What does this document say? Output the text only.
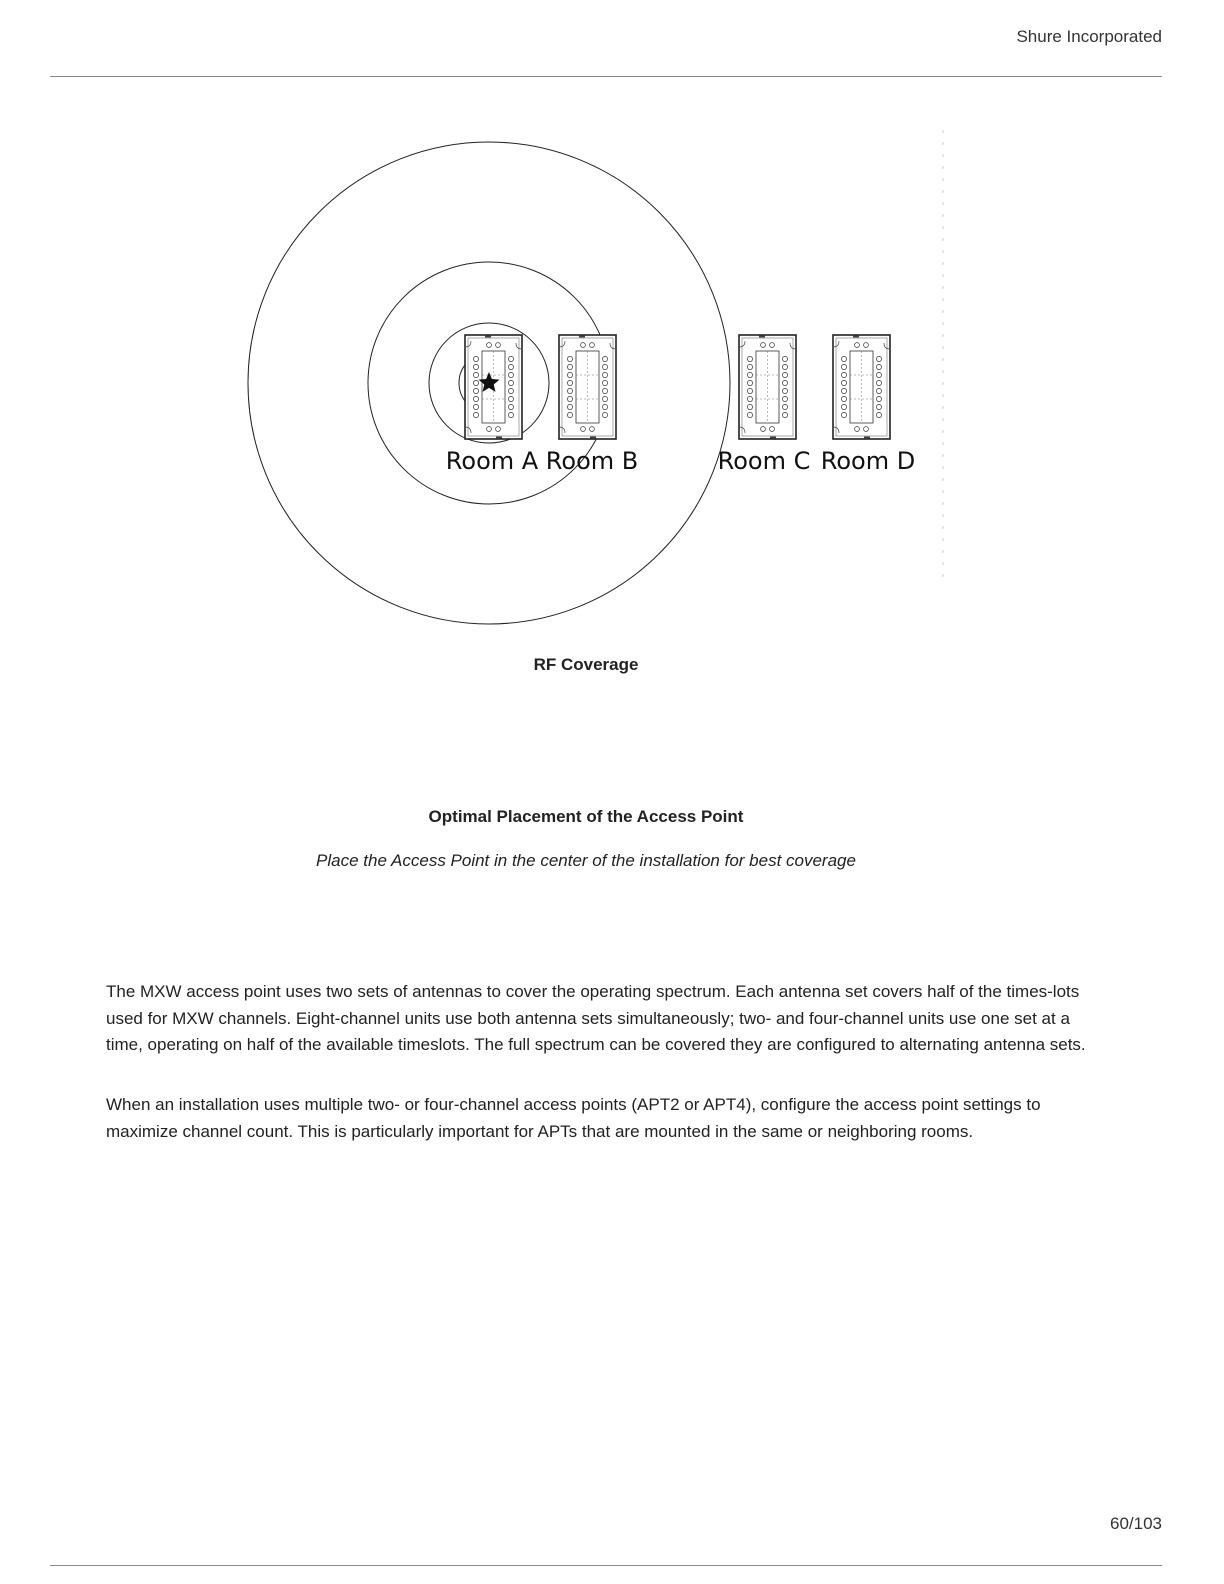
Shure Incorporated
Room A Room B	Room C Room D
RF Coverage
Optimal Placement of the Access Point
Place the Access Point in the center of the installation for best coverage

The MXW access point uses two sets of antennas to cover the operating spectrum. Each antenna set covers half of the times-lots used for MXW channels. Eight-channel units use both antenna sets simultaneously; two- and four-channel units use one set at a time, operating on half of the available timeslots. The full spectrum can be covered they are configured to alternating antenna sets.

When an installation uses multiple two- or four-channel access points (APT2 or APT4), configure the access point settings to maximize channel count. This is particularly important for APTs that are mounted in the same or neighboring rooms.

60/103
